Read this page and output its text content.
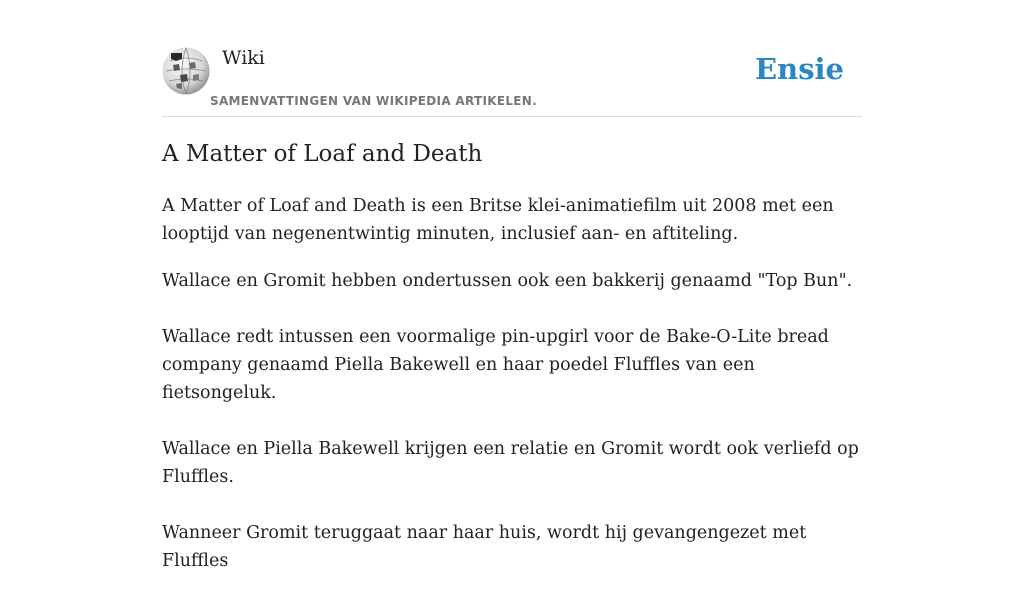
Wiki
SAMENVATTINGEN VAN WIKIPEDIA ARTIKELEN.
Ensie
A Matter of Loaf and Death

A Matter of Loaf and Death is een Britse klei-animatiefilm uit 2008 met een looptijd van negenentwintig minuten, inclusief aan- en aftiteling.

Wallace en Gromit hebben ondertussen ook een bakkerij genaamd "Top Bun".

Wallace redt intussen een voormalige pin-upgirl voor de Bake-O-Lite bread company genaamd Piella Bakewell en haar poedel Fluffles van een fietsongeluk.

Wallace en Piella Bakewell krijgen een relatie en Gromit wordt ook verliefd op Fluffles.

Wanneer Gromit teruggaat naar haar huis, wordt hij gevangengezet met Fluffles
